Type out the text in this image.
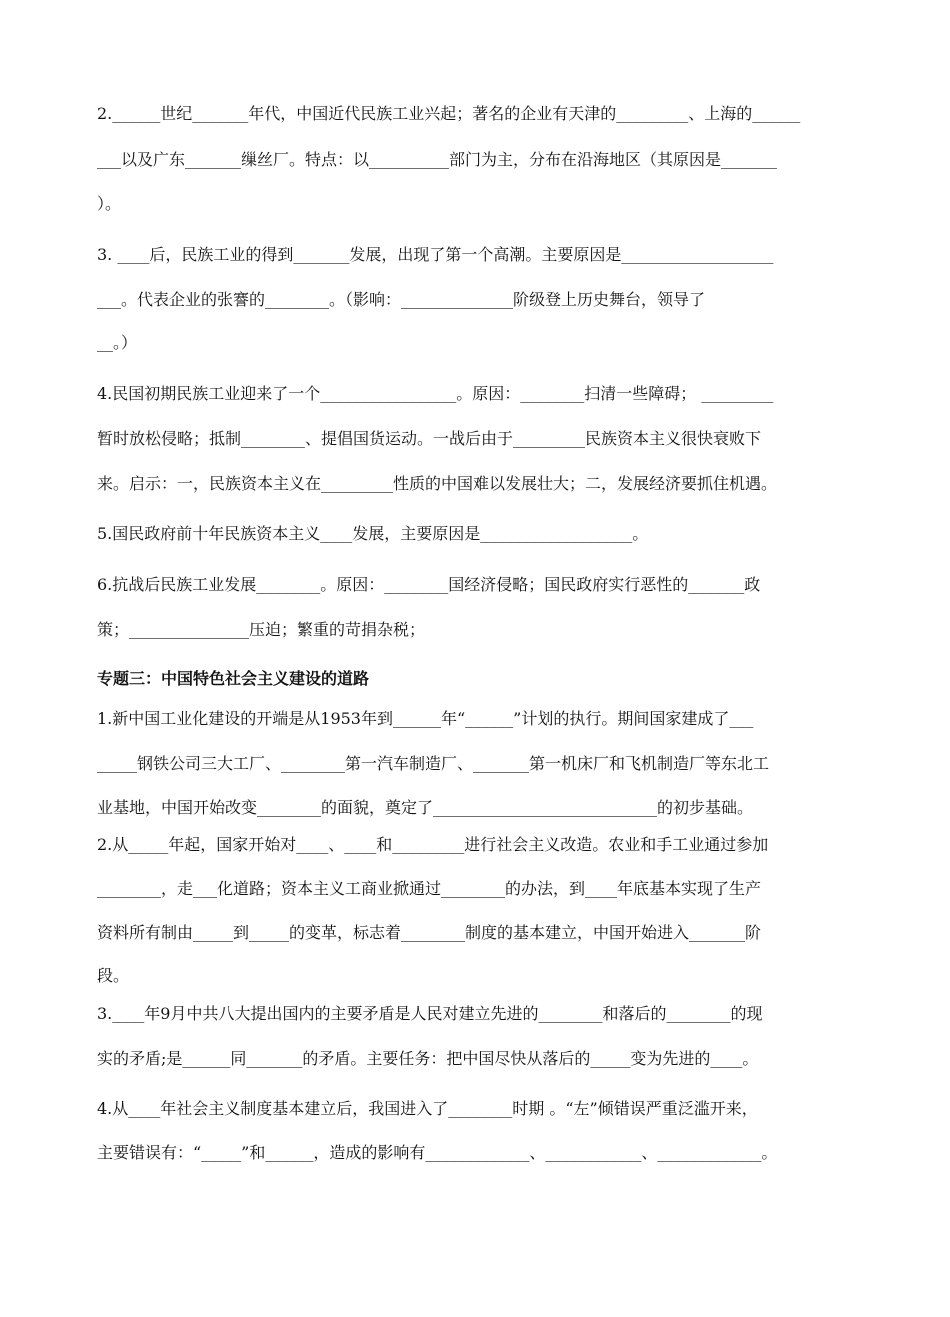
2.______世纪_______年代，中国近代民族工业兴起；著名的企业有天津的_________、上海的______
___以及广东_______缫丝厂。特点：以__________部门为主，分布在沿海地区（其原因是_______
）。
3. ____后，民族工业的得到_______发展，出现了第一个高潮。主要原因是___________________
___。代表企业的张謇的________。（影响：______________阶级登上历史舞台，领导了
__。）
4.民国初期民族工业迎来了一个_________________。原因：________扫清一些障碍； _________
暂时放松侵略；抵制________、提倡国货运动。一战后由于_________民族资本主义很快衰败下
来。启示：一，民族资本主义在_________性质的中国难以发展壮大；二，发展经济要抓住机遇。
5.国民政府前十年民族资本主义____发展，主要原因是___________________。
6.抗战后民族工业发展________。原因：________国经济侵略；国民政府实行恶性的_______政
策；_______________压迫；繁重的苛捐杂税；
专题三：中国特色社会主义建设的道路
1.新中国工业化建设的开端是从1953年到______年“______”计划的执行。期间国家建成了___
_____钢铁公司三大工厂、________第一汽车制造厂、_______第一机床厂和飞机制造厂等东北工
业基地，中国开始改变________的面貌，奠定了____________________________的初步基础。
2.从_____年起，国家开始对____、____和_________进行社会主义改造。农业和手工业通过参加
________，走___化道路；资本主义工商业掀通过________的办法，到____年底基本实现了生产
资料所有制由_____到_____的变革，标志着________制度的基本建立，中国开始进入_______阶
段。
3.____年9月中共八大提出国内的主要矛盾是人民对建立先进的________和落后的________的现
实的矛盾;是______同_______的矛盾。主要任务：把中国尽快从落后的_____变为先进的____。
4.从____年社会主义制度基本建立后，我国进入了________时期 。“左”倾错误严重泛滥开来，
主要错误有：“_____”和______，造成的影响有_____________、____________、_____________。
